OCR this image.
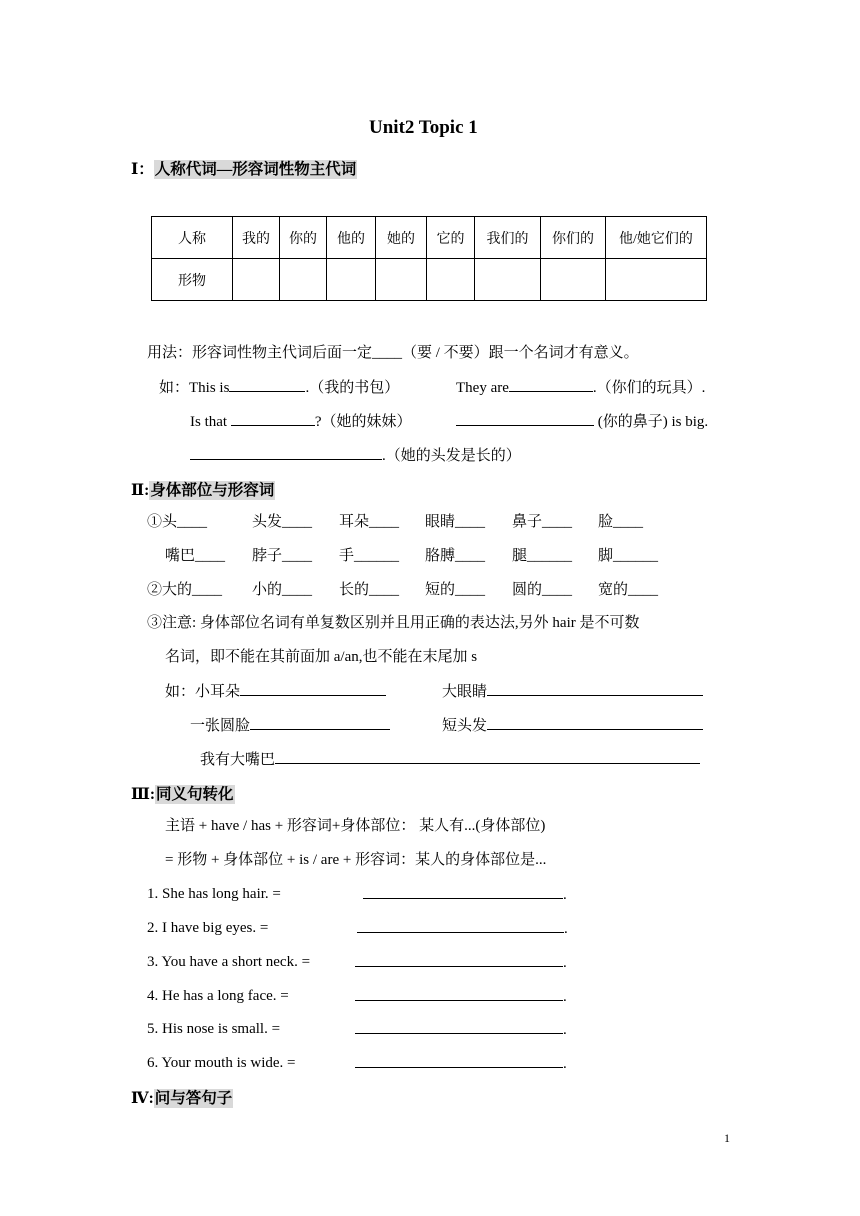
Unit2 Topic 1
Ⅰ：人称代词—形容词性物主代词
人称	我的	你的	他的	她的	它的	我们的	你们的	他/她它们的
形物								
用法：形容词性物主代词后面一定____（要 / 不要）跟一个名词才有意义。
如：This is	.（我的书包）	They are	.（你们的玩具）.
Is that	?（她的妹妹）	(你的鼻子) is big.
.（她的头发是长的）
Ⅱ:身体部位与形容词
①头____	头发____ 耳朵____ 眼睛____ 鼻子____ 脸____
嘴巴____ 脖子____ 手______ 胳膊____ 腿______ 脚______
②大的____ 小的____ 长的____ 短的____ 圆的____ 宽的____
③注意: 身体部位名词有单复数区别并且用正确的表达法,另外 hair 是不可数
名词，即不能在其前面加 a/an,也不能在末尾加 s
如：小耳朵	大眼睛
一张圆脸	短头发
我有大嘴巴
Ⅲ:同义句转化
主语 + have / has + 形容词+身体部位： 某人有...(身体部位)
= 形物 + 身体部位 + is / are + 形容词：某人的身体部位是...
1. She has long hair. =	.
2. I have big eyes. =	.
3. You have a short neck. =	.
4. He has a long face. =	.
5. His nose is small. =	.
6. Your mouth is wide. =	.
Ⅳ:问与答句子
1
